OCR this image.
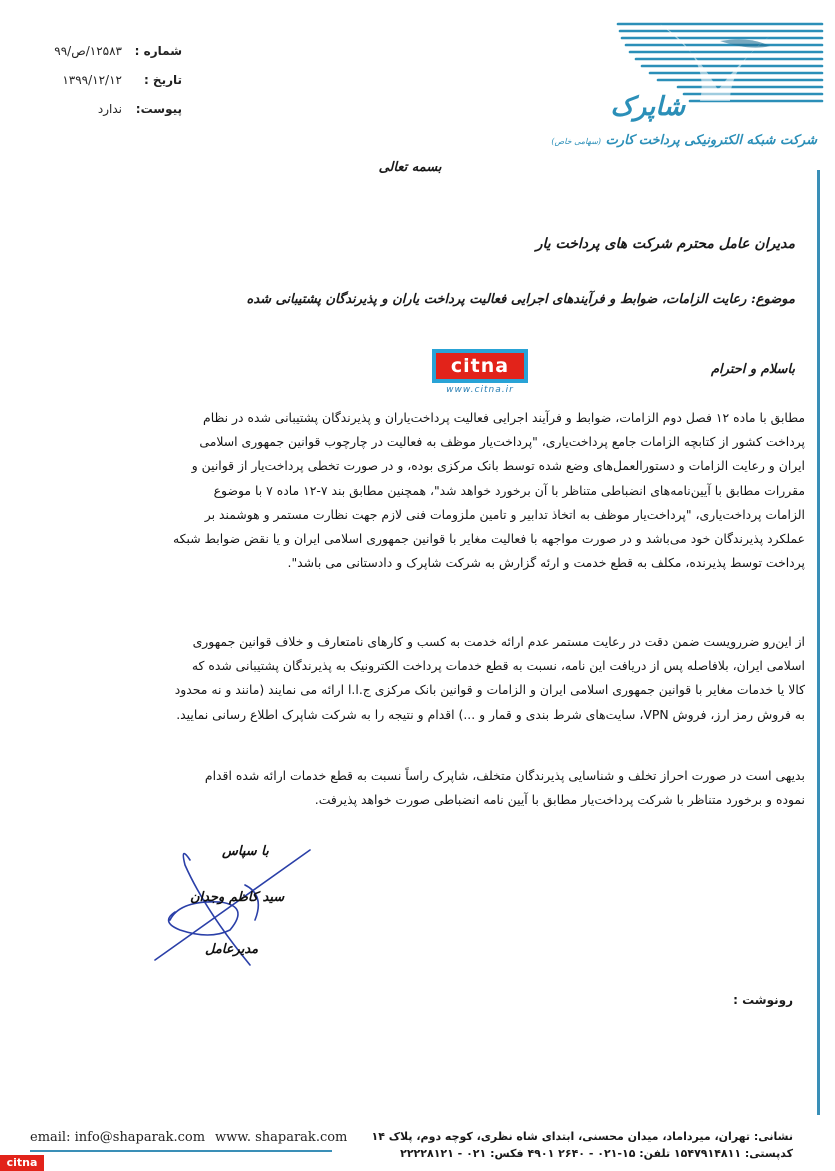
شماره :
۱۲۵۸۳/ص/۹۹
تاریخ :
۱۳۹۹/۱۲/۱۲
پیوست:
ندارد	شاپرک
شرکت شبکه الکترونیکی پرداخت کارت (سهامی خاص)
بسمه تعالی
مدیران عامل محترم شرکت های پرداخت یار
موضوع: رعایت الزامات، ضوابط و فرآیندهای اجرایی فعالیت پرداخت یاران و پذیرندگان پشتیبانی شده
باسلام و احترام
citna
www.citna.ir
مطابق با ماده ۱۲ فصل دوم الزامات، ضوابط و فرآیند اجرایی فعالیت پرداخت‌یاران و پذیرندگان پشتیبانی شده در نظام
پرداخت کشور از کتابچه الزامات جامع پرداخت‌یاری، "پرداخت‌یار موظف به فعالیت در چارچوب قوانین جمهوری اسلامی
ایران و رعایت الزامات و دستورالعمل‌های وضع شده توسط بانک مرکزی بوده، و در صورت تخطی پرداخت‌یار از قوانین و
مقررات مطابق با آیین‌نامه‌های انضباطی متناظر با آن برخورد خواهد شد"، همچنین مطابق بند ۷-۱۲ ماده ۷ با موضوع
الزامات پرداخت‌یاری، "پرداخت‌یار موظف به اتخاذ تدابیر و تامین ملزومات فنی لازم جهت نظارت مستمر و هوشمند بر
عملکرد پذیرندگان خود می‌باشد و در صورت مواجهه با فعالیت مغایر با قوانین جمهوری اسلامی ایران و یا نقض ضوابط شبکه
پرداخت توسط پذیرنده، مکلف به قطع خدمت و ارئه گزارش به شرکت شاپرک و دادستانی می باشد".
از این‌رو ضررویست ضمن دقت در رعایت مستمر عدم ارائه خدمت به کسب و کارهای نامتعارف و خلاف قوانین جمهوری
اسلامی ایران، بلافاصله پس از دریافت این نامه، نسبت به قطع خدمات پرداخت الکترونیک به پذیرندگان پشتیبانی شده که
کالا یا خدمات مغایر با قوانین جمهوری اسلامی ایران و الزامات و قوانین بانک مرکزی ج.ا.ا ارائه می نمایند (مانند و نه محدود
به فروش رمز ارز، فروش VPN، سایت‌های شرط بندی و قمار و ...) اقدام و نتیجه را به شرکت شاپرک اطلاع رسانی نمایید.
بدیهی است در صورت احراز تخلف و شناسایی پذیرندگان متخلف، شاپرک راساً نسبت به قطع خدمات ارائه شده اقدام
نموده و برخورد متناظر با شرکت پرداخت‌یار مطابق با آیین نامه انضباطی صورت خواهد پذیرفت.
با سپاس
سید کاظم وجدان
مدیرعامل
رونوشت :
email: info@shaparak.com www. shaparak.com نشانی: تهران، میرداماد، میدان محسنی، ابتدای شاه نظری، کوچه دوم، پلاک ۱۴
کدپستی: ۱۵۴۷۹۱۴۸۱۱ تلفن: ۱۵-۰۲۱ - ۲۶۴۰ ۴۹۰۱ فکس: ۰۲۱ - ۲۲۲۲۸۱۲۱
citna
